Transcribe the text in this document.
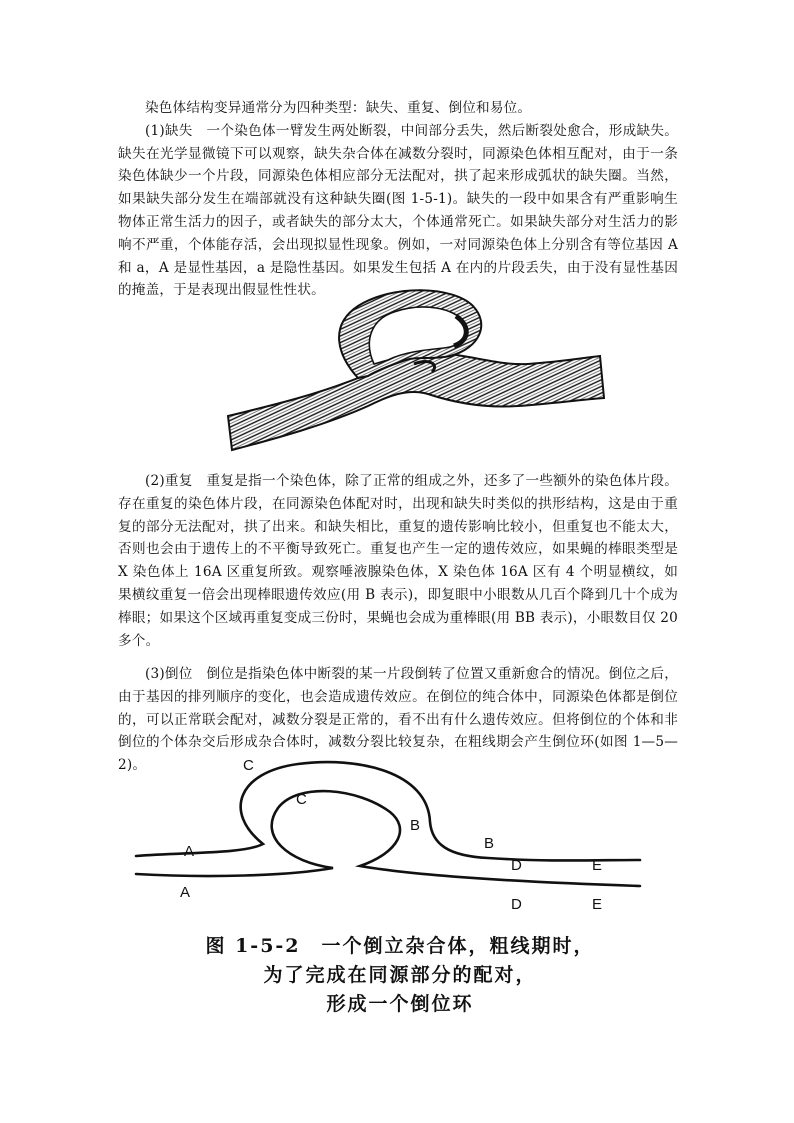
染色体结构变异通常分为四种类型：缺失、重复、倒位和易位。

(1)缺失　一个染色体一臂发生两处断裂，中间部分丢失，然后断裂处愈合，形成缺失。缺失在光学显微镜下可以观察，缺失杂合体在减数分裂时，同源染色体相互配对，由于一条染色体缺少一个片段，同源染色体相应部分无法配对，拱了起来形成弧状的缺失圈。当然，如果缺失部分发生在端部就没有这种缺失圈(图 1-5-1)。缺失的一段中如果含有严重影响生物体正常生活力的因子，或者缺失的部分太大，个体通常死亡。如果缺失部分对生活力的影响不严重，个体能存活，会出现拟显性现象。例如，一对同源染色体上分别含有等位基因 A 和 a，A 是显性基因，a 是隐性基因。如果发生包括 A 在内的片段丢失，由于没有显性基因的掩盖，于是表现出假显性性状。

(2)重复　重复是指一个染色体，除了正常的组成之外，还多了一些额外的染色体片段。存在重复的染色体片段，在同源染色体配对时，出现和缺失时类似的拱形结构，这是由于重复的部分无法配对，拱了出来。和缺失相比，重复的遗传影响比较小，但重复也不能太大，否则也会由于遗传上的不平衡导致死亡。重复也产生一定的遗传效应，如果蝇的棒眼类型是 X 染色体上 16A 区重复所致。观察唾液腺染色体，X 染色体 16A 区有 4 个明显横纹，如果横纹重复一倍会出现棒眼遗传效应(用 B 表示)，即复眼中小眼数从几百个降到几十个成为棒眼；如果这个区域再重复变成三份时，果蝇也会成为重棒眼(用 BB 表示)，小眼数目仅 20 多个。

(3)倒位　倒位是指染色体中断裂的某一片段倒转了位置又重新愈合的情况。倒位之后，由于基因的排列顺序的变化，也会造成遗传效应。在倒位的纯合体中，同源染色体都是倒位的，可以正常联会配对，减数分裂是正常的，看不出有什么遗传效应。但将倒位的个体和非倒位的个体杂交后形成杂合体时，减数分裂比较复杂，在粗线期会产生倒位环(如图 1—5—2)。	C
C
B
B
A
A
D	E
D	E
图 1-5-2　一个倒立杂合体，粗线期时，
为了完成在同源部分的配对，
形成一个倒位环
